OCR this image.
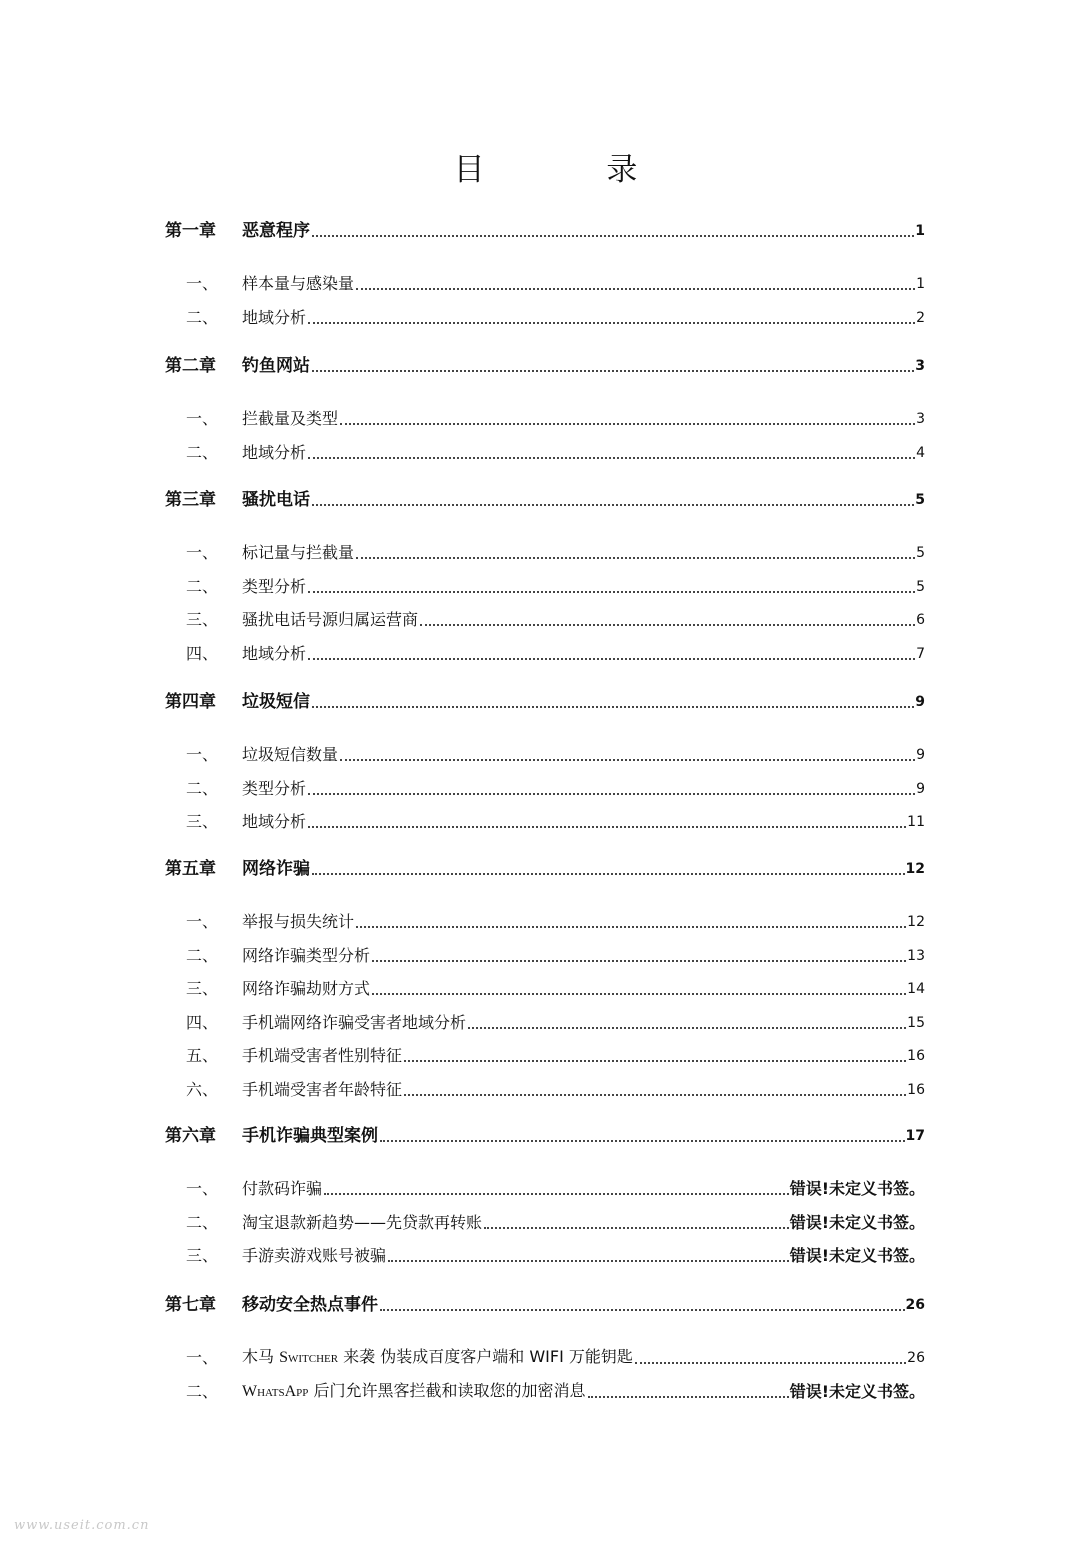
目 录
第一章	恶意程序	1
一、	样本量与感染量	1
二、	地域分析	2
第二章	钓鱼网站	3
一、	拦截量及类型	3
二、	地域分析	4
第三章	骚扰电话	5
一、	标记量与拦截量	5
二、	类型分析	5
三、	骚扰电话号源归属运营商	6
四、	地域分析	7
第四章	垃圾短信	9
一、	垃圾短信数量	9
二、	类型分析	9
三、	地域分析	11
第五章	网络诈骗	12
一、	举报与损失统计	12
二、	网络诈骗类型分析	13
三、	网络诈骗劫财方式	14
四、	手机端网络诈骗受害者地域分析	15
五、	手机端受害者性别特征	16
六、	手机端受害者年龄特征	16
第六章	手机诈骗典型案例	17
一、	付款码诈骗	错误!未定义书签。
二、	淘宝退款新趋势——先贷款再转账	错误!未定义书签。
三、	手游卖游戏账号被骗	错误!未定义书签。
第七章	移动安全热点事件	26
一、	木马 Switcher 来袭 伪装成百度客户端和 WIFI 万能钥匙	26
二、	WhatsApp 后门允许黑客拦截和读取您的加密消息	错误!未定义书签。
www.useit.com.cn
